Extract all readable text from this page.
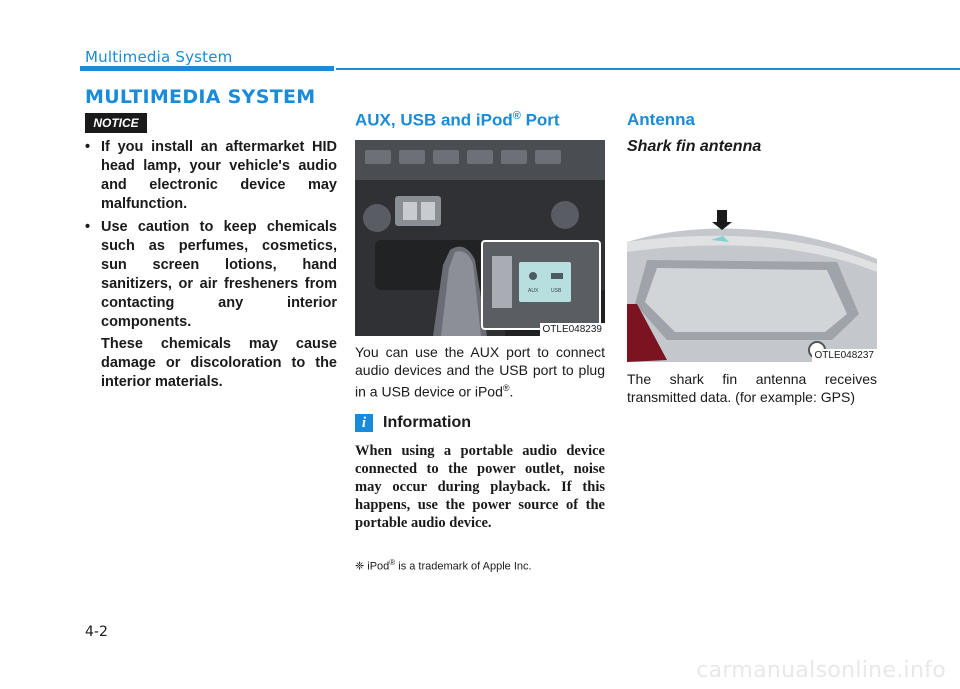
Multimedia System
MULTIMEDIA SYSTEM
NOTICE
• If you install an aftermarket HID head lamp, your vehicle's audio and electronic device may malfunction.
• Use caution to keep chemicals such as perfumes, cosmetics, sun screen lotions, hand sanitizers, or air fresheners from contacting any interior components.

These chemicals may cause damage or discoloration to the interior materials.

AUX, USB and iPod® Port
AUX	USB
OTLE048239

You can use the AUX port to connect audio devices and the USB port to plug in a USB device or iPod®.

i	Information

When using a portable audio device connected to the power outlet, noise may occur during playback. If this happens, use the power source of the portable audio device.

❈ iPod® is a trademark of Apple Inc.

Antenna
Shark fin antenna
OTLE048237

The shark fin antenna receives transmitted data. (for example: GPS)

4-2
carmanualsonline.info
